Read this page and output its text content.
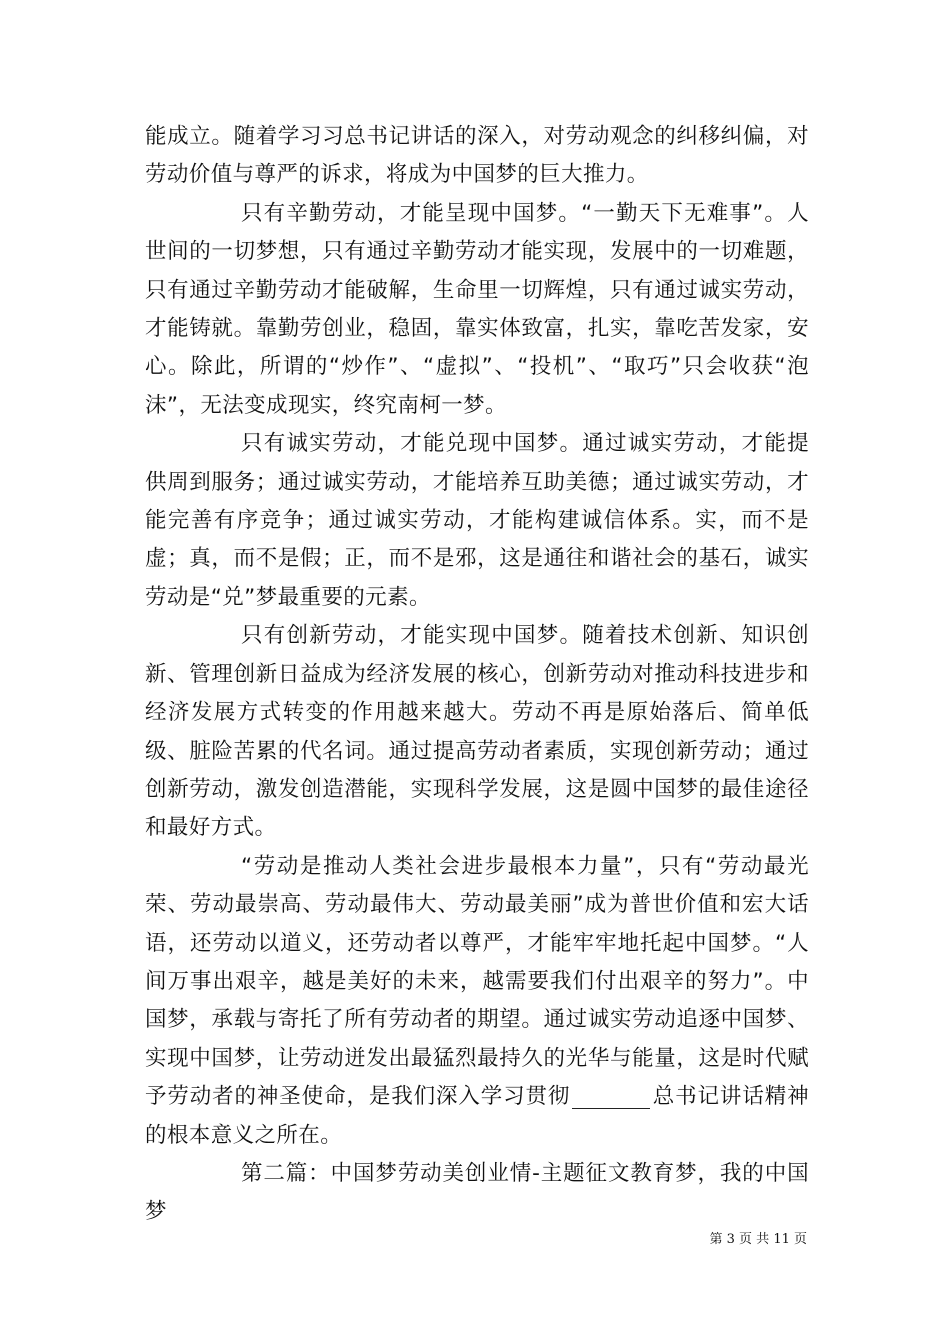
能成立。随着学习习总书记讲话的深入，对劳动观念的纠移纠偏，对劳动价值与尊严的诉求，将成为中国梦的巨大推力。

只有辛勤劳动，才能呈现中国梦。“一勤天下无难事”。人世间的一切梦想，只有通过辛勤劳动才能实现，发展中的一切难题，只有通过辛勤劳动才能破解，生命里一切辉煌，只有通过诚实劳动，才能铸就。靠勤劳创业，稳固，靠实体致富，扎实，靠吃苦发家，安心。除此，所谓的“炒作”、“虚拟”、“投机”、“取巧”只会收获“泡沫”，无法变成现实，终究南柯一梦。

只有诚实劳动，才能兑现中国梦。通过诚实劳动，才能提供周到服务；通过诚实劳动，才能培养互助美德；通过诚实劳动，才能完善有序竞争；通过诚实劳动，才能构建诚信体系。实，而不是虚；真，而不是假；正，而不是邪，这是通往和谐社会的基石，诚实劳动是“兑”梦最重要的元素。

只有创新劳动，才能实现中国梦。随着技术创新、知识创新、管理创新日益成为经济发展的核心，创新劳动对推动科技进步和经济发展方式转变的作用越来越大。劳动不再是原始落后、简单低级、脏险苦累的代名词。通过提高劳动者素质，实现创新劳动；通过创新劳动，激发创造潜能，实现科学发展，这是圆中国梦的最佳途径和最好方式。

“劳动是推动人类社会进步最根本力量”，只有“劳动最光荣、劳动最崇高、劳动最伟大、劳动最美丽”成为普世价值和宏大话语，还劳动以道义，还劳动者以尊严，才能牢牢地托起中国梦。“人间万事出艰辛，越是美好的未来，越需要我们付出艰辛的努力”。中国梦，承载与寄托了所有劳动者的期望。通过诚实劳动追逐中国梦、实现中国梦，让劳动迸发出最猛烈最持久的光华与能量，这是时代赋予劳动者的神圣使命，是我们深入学习贯彻	总书记讲话精神的根本意义之所在。

第二篇：中国梦劳动美创业情-主题征文教育梦，我的中国梦

第 3 页 共 11 页
